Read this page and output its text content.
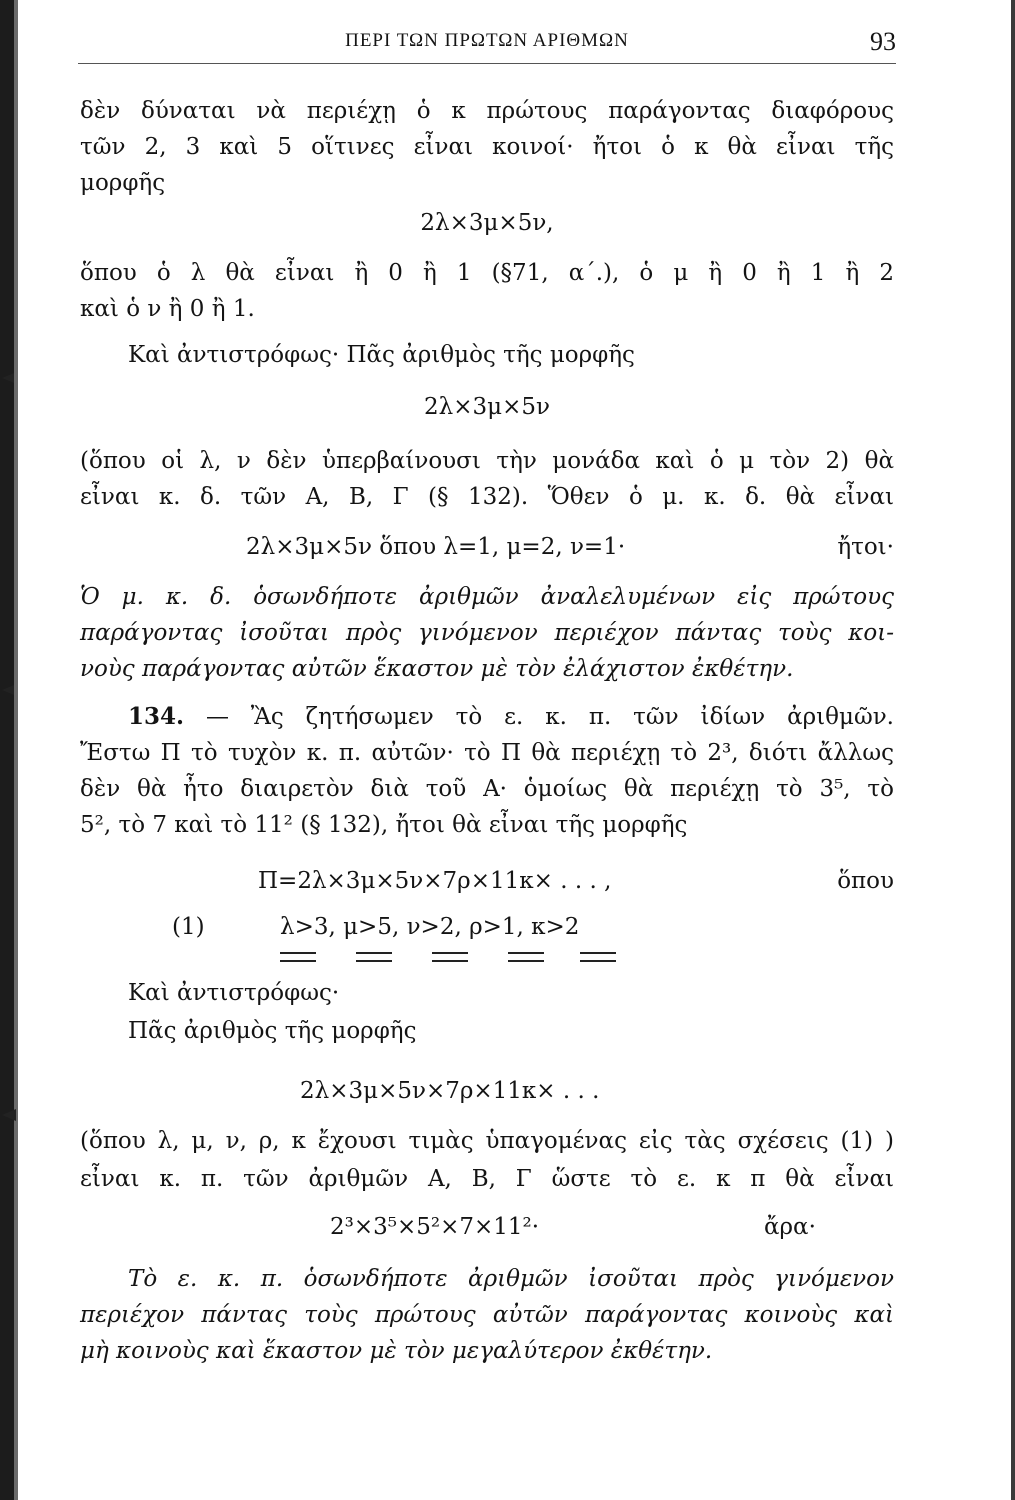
ΠΕΡΙ ΤΩΝ ΠΡΩΤΩΝ ΑΡΙΘΜΩΝ	93
δὲν δύναται νὰ περιέχῃ ὁ κ πρώτους παράγοντας διαφόρους
τῶν 2, 3 καὶ 5 οἵτινες εἶναι κοινοί· ἤτοι ὁ κ θὰ εἶναι τῆς
μορφῆς
2λ×3μ×5ν,
ὅπου ὁ λ θὰ εἶναι ἢ 0 ἢ 1 (§71, α΄.), ὁ μ ἢ 0 ἢ 1 ἢ 2
καὶ ὁ ν ἢ 0 ἢ 1.
Καὶ ἀντιστρόφως· Πᾶς ἀριθμὸς τῆς μορφῆς
2λ×3μ×5ν
(ὅπου οἱ λ, ν δὲν ὑπερβαίνουσι τὴν μονάδα καὶ ὁ μ τὸν 2) θὰ
εἶναι κ. δ. τῶν Α, Β, Γ (§ 132). Ὅθεν ὁ μ. κ. δ. θὰ εἶναι
2λ×3μ×5ν ὅπου λ=1, μ=2, ν=1·	ἤτοι·
Ὁ μ. κ. δ. ὁσωνδήποτε ἀριθμῶν ἀναλελυμένων εἰς πρώτους
παράγοντας ἰσοῦται πρὸς γινόμενον περιέχον πάντας τοὺς κοι-
νοὺς παράγοντας αὐτῶν ἕκαστον μὲ τὸν ἐλάχιστον ἐκθέτην.
134. — Ἂς ζητήσωμεν τὸ ε. κ. π. τῶν ἰδίων ἀριθμῶν.
Ἔστω Π τὸ τυχὸν κ. π. αὐτῶν· τὸ Π θὰ περιέχῃ τὸ 2³, διότι ἄλλως
δὲν θὰ ἦτο διαιρετὸν διὰ τοῦ Α· ὁμοίως θὰ περιέχῃ τὸ 3⁵, τὸ
5², τὸ 7 καὶ τὸ 11² (§ 132), ἤτοι θὰ εἶναι τῆς μορφῆς
Π=2λ×3μ×5ν×7ρ×11κ× . . . ,	ὅπου
(1)	λ>3, μ>5, ν>2, ρ>1, κ>2
Καὶ ἀντιστρόφως·
Πᾶς ἀριθμὸς τῆς μορφῆς
2λ×3μ×5ν×7ρ×11κ× . . .
(ὅπου λ, μ, ν, ρ, κ ἔχουσι τιμὰς ὑπαγομένας εἰς τὰς σχέσεις (1) )
εἶναι κ. π. τῶν ἀριθμῶν Α, Β, Γ ὥστε τὸ ε. κ π θὰ εἶναι
2³×3⁵×5²×7×11²·	ἄρα·
Τὸ ε. κ. π. ὁσωνδήποτε ἀριθμῶν ἰσοῦται πρὸς γινόμενον
περιέχον πάντας τοὺς πρώτους αὐτῶν παράγοντας κοινοὺς καὶ
μὴ κοινοὺς καὶ ἕκαστον μὲ τὸν μεγαλύτερον ἐκθέτην.
